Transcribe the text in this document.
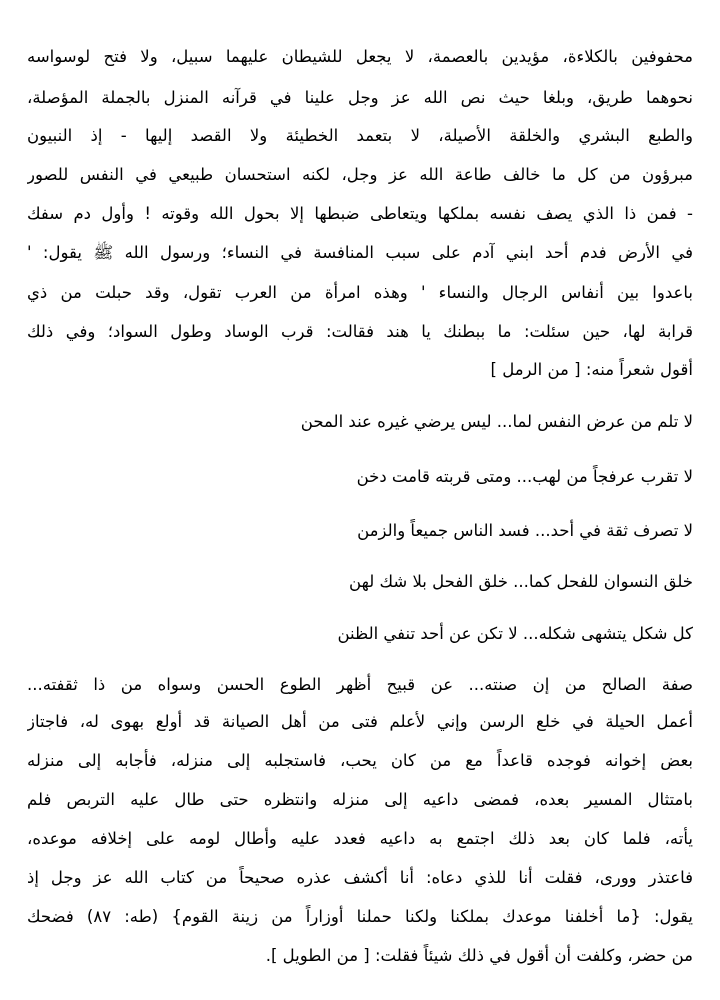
محفوفين بالكلاءة، مؤيدين بالعصمة، لا يجعل للشيطان عليهما سبيل، ولا فتح لوسواسه
نحوهما طريق، وبلغا حيث نص الله عز وجل علينا في قرآنه المنزل بالجملة المؤصلة،
والطبع البشري والخلقة الأصيلة، لا بتعمد الخطيئة ولا القصد إليها - إذ النبيون
مبرؤون من كل ما خالف طاعة الله عز وجل، لكنه استحسان طبيعي في النفس للصور
- فمن ذا الذي يصف نفسه بملكها ويتعاطى ضبطها إلا بحول الله وقوته ! وأول دم سفك
في الأرض فدم أحد ابني آدم على سبب المنافسة في النساء؛ ورسول الله ﷺ يقول: '
باعدوا بين أنفاس الرجال والنساء ' وهذه امرأة من العرب تقول، وقد حبلت من ذي
قرابة لها، حين سئلت: ما ببطنك يا هند فقالت: قرب الوساد وطول السواد؛ وفي ذلك
أقول شعراً منه: [ من الرمل ]
لا تلم من عرض النفس لما... ليس يرضي غيره عند المحن
لا تقرب عرفجاً من لهب... ومتى قربته قامت دخن
لا تصرف ثقة في أحد... فسد الناس جميعاً والزمن
خلق النسوان للفحل كما... خلق الفحل بلا شك لهن
كل شكل يتشهى شكله... لا تكن عن أحد تنفي الظنن
صفة الصالح من إن صنته... عن قبيح أظهر الطوع الحسن وسواه من ذا ثقفته...
أعمل الحيلة في خلع الرسن وإني لأعلم فتى من أهل الصيانة قد أولع بهوى له، فاجتاز
بعض إخوانه فوجده قاعداً مع من كان يحب، فاستجلبه إلى منزله، فأجابه إلى منزله
بامتثال المسير بعده، فمضى داعيه إلى منزله وانتظره حتى طال عليه التربص فلم
يأته، فلما كان بعد ذلك اجتمع به داعيه فعدد عليه وأطال لومه على إخلافه موعده،
فاعتذر ووری، فقلت أنا للذي دعاه: أنا أكشف عذره صحيحاً من كتاب الله عز وجل إذ
يقول: {ما أخلفنا موعدك بملكنا ولكنا حملنا أوزاراً من زينة القوم} (طه: ٨٧) فضحك
من حضر، وكلفت أن أقول في ذلك شيئاً فقلت: [ من الطويل ].
